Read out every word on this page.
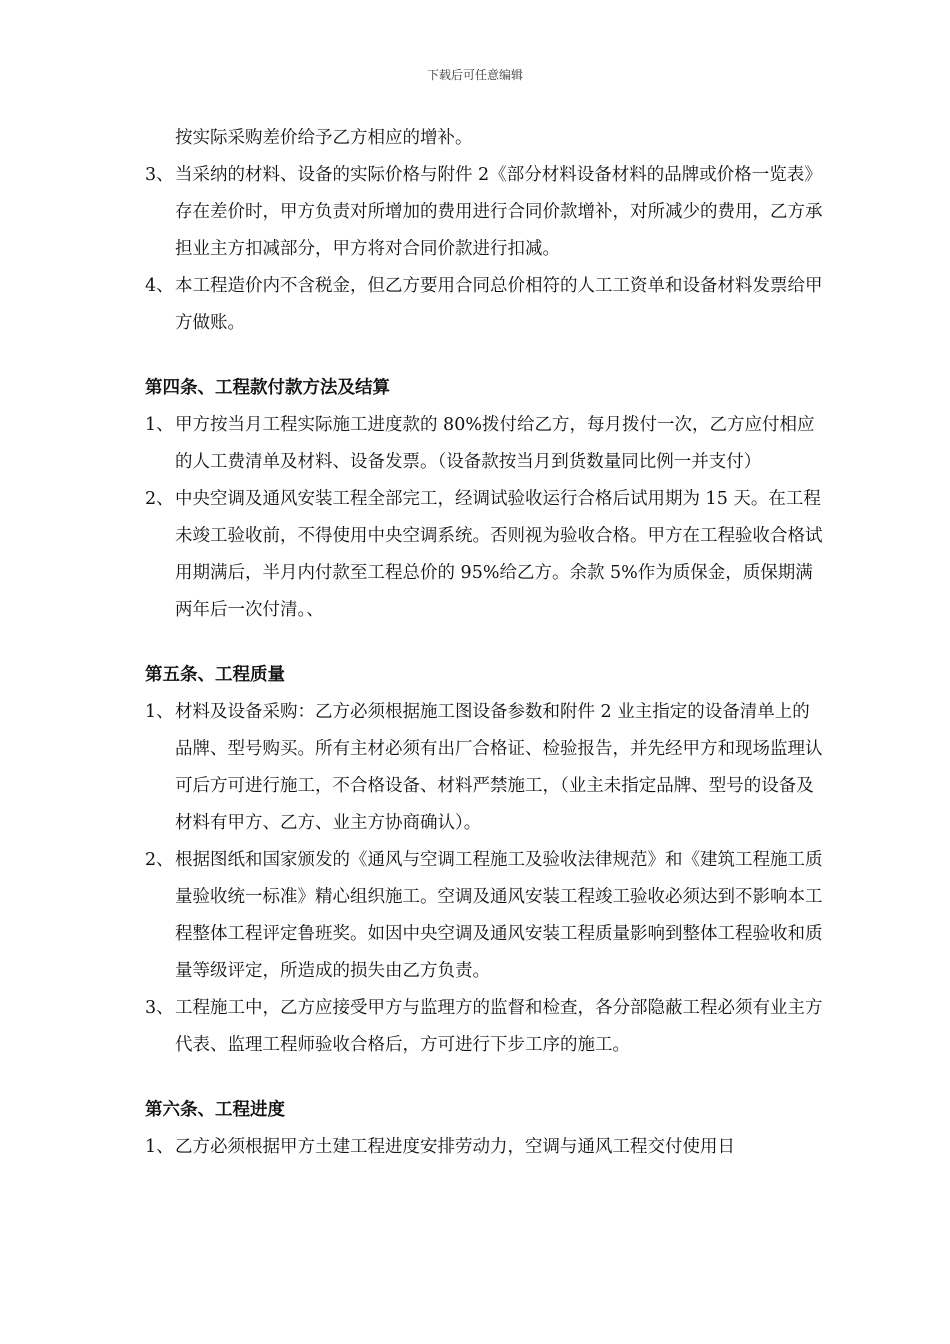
下载后可任意编辑
按实际采购差价给予乙方相应的增补。
3、 当采纳的材料、设备的实际价格与附件 2《部分材料设备材料的品牌或价格一览表》存在差价时，甲方负责对所增加的费用进行合同价款增补，对所减少的费用，乙方承担业主方扣减部分，甲方将对合同价款进行扣减。
4、 本工程造价内不含税金，但乙方要用合同总价相符的人工工资单和设备材料发票给甲方做账。
第四条、工程款付款方法及结算
1、 甲方按当月工程实际施工进度款的 80%拨付给乙方，每月拨付一次，乙方应付相应的人工费清单及材料、设备发票。（设备款按当月到货数量同比例一并支付）
2、 中央空调及通风安装工程全部完工，经调试验收运行合格后试用期为 15 天。在工程未竣工验收前，不得使用中央空调系统。否则视为验收合格。甲方在工程验收合格试用期满后，半月内付款至工程总价的 95%给乙方。余款 5%作为质保金，质保期满两年后一次付清。、
第五条、工程质量
1、 材料及设备采购：乙方必须根据施工图设备参数和附件 2 业主指定的设备清单上的品牌、型号购买。所有主材必须有出厂合格证、检验报告，并先经甲方和现场监理认可后方可进行施工，不合格设备、材料严禁施工，（业主未指定品牌、型号的设备及材料有甲方、乙方、业主方协商确认）。
2、 根据图纸和国家颁发的《通风与空调工程施工及验收法律规范》和《建筑工程施工质量验收统一标准》精心组织施工。空调及通风安装工程竣工验收必须达到不影响本工程整体工程评定鲁班奖。如因中央空调及通风安装工程质量影响到整体工程验收和质量等级评定，所造成的损失由乙方负责。
3、 工程施工中，乙方应接受甲方与监理方的监督和检查，各分部隐蔽工程必须有业主方代表、监理工程师验收合格后，方可进行下步工序的施工。
第六条、工程进度
1、 乙方必须根据甲方土建工程进度安排劳动力，空调与通风工程交付使用日
